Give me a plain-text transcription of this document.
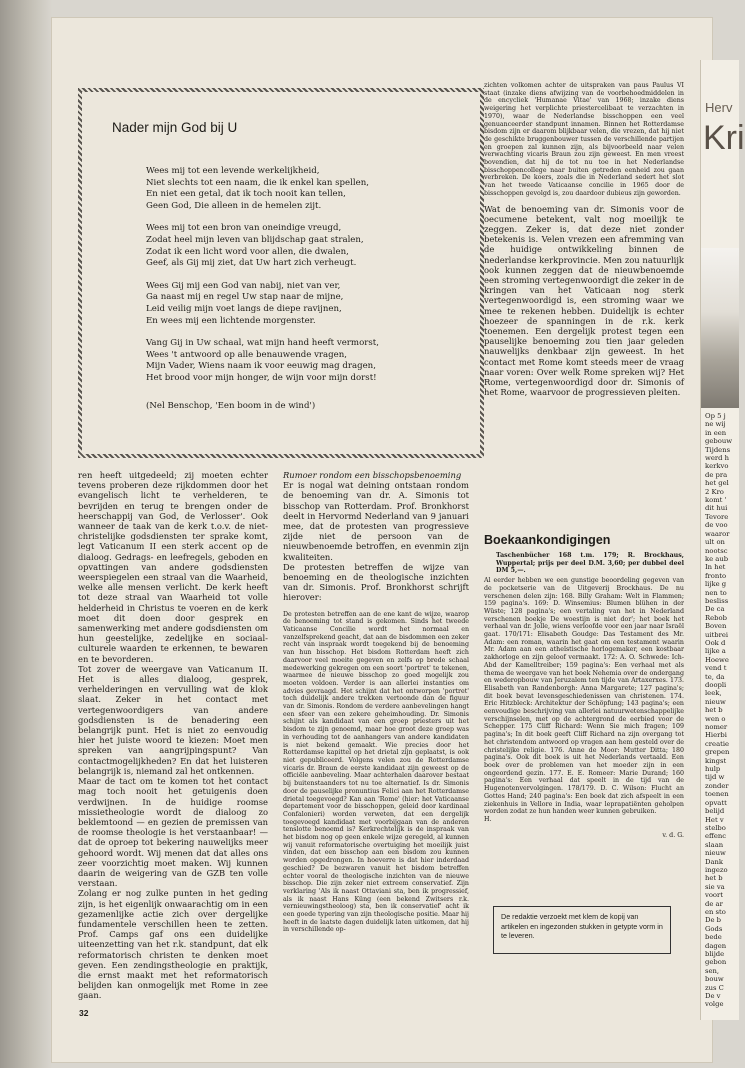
Nader mijn God bij U
Wees mij tot een levende werkelijkheid,
Niet slechts tot een naam, die ik enkel kan spellen,
En niet een getal, dat ik toch nooit kan tellen,
Geen God, Die alleen in de hemelen zijt.
Wees mij tot een bron van oneindige vreugd,
Zodat heel mijn leven van blijdschap gaat stralen,
Zodat ik een licht word voor allen, die dwalen,
Geef, als Gij mij ziet, dat Uw hart zich verheugt.
Wees Gij mij een God van nabij, niet van ver,
Ga naast mij en regel Uw stap naar de mijne,
Leid veilig mijn voet langs de diepe ravijnen,
En wees mij een lichtende morgenster.
Vang Gij in Uw schaal, wat mijn hand heeft vermorst,
Wees 't antwoord op alle benauwende vragen,
Mijn Vader, Wiens naam ik voor eeuwig mag dragen,
Het brood voor mijn honger, de wijn voor mijn dorst!
(Nel Benschop, 'Een boom in de wind')

ren heeft uitgedeeld; zij moeten echter tevens proberen deze rijkdommen door het evangelisch licht te verhelderen, te bevrijden en terug te brengen onder de heerschappij van God, de Verlosser'. Ook wanneer de taak van de kerk t.o.v. de niet-christelijke godsdiensten ter sprake komt, legt Vaticanum II een sterk accent op de dialoog. Gedrags- en leefregels, geboden en opvattingen van andere godsdiensten weerspiegelen een straal van die Waarheid, welke alle mensen verlicht. De kerk heeft tot deze straal van Waarheid tot volle helderheid in Christus te voeren en de kerk moet dit doen door gesprek en samenwerking met andere godsdiensten om hun geestelijke, zedelijke en sociaal-culturele waarden te erkennen, te bewaren en te bevorderen.

Tot zover de weergave van Vaticanum II. Het is alles dialoog, gesprek, verhelderingen en vervulling wat de klok slaat. Zeker in het contact met vertegenwoordigers van andere godsdiensten is de benadering een belangrijk punt. Het is niet zo eenvoudig hier het juiste woord te kiezen: Moet men spreken van aangrijpingspunt? Van contactmogelijkheden? En dat het luisteren belangrijk is, niemand zal het ontkennen.

Maar de tact om te komen tot het contact mag toch nooit het getuigenis doen verdwijnen. In de huidige roomse missietheologie wordt de dialoog zo beklemtoond — en gezien de premissen van de roomse theologie is het verstaanbaar! — dat de oproep tot bekering nauwelijks meer gehoord wordt. Wij menen dat dat alles ons zeer voorzichtig moet maken. Wij kunnen daarin de weigering van de GZB ten volle verstaan.

Zolang er nog zulke punten in het geding zijn, is het eigenlijk onwaarachtig om in een gezamenlijke actie zich over dergelijke fundamentele verschillen heen te zetten. Prof. Camps gaf ons een duidelijke uiteenzetting van het r.k. standpunt, dat elk reformatorisch christen te denken moet geven. Een zendingstheologie en praktijk, die ernst maakt met het reformatorisch belijden kan onmogelijk met Rome in zee gaan.

Rumoer rondom een bisschopsbenoeming

Er is nogal wat deining ontstaan rondom de benoeming van dr. A. Simonis tot bisschop van Rotterdam. Prof. Bronkhorst deelt in Hervormd Nederland van 9 januari mee, dat de protesten van progressieve zijde niet de persoon van de nieuwbenoemde betroffen, en evenmin zijn kwaliteiten.

De protesten betreffen de wijze van benoeming en de theologische inzichten van dr. Simonis. Prof. Bronkhorst schrijft hierover:

De protesten betreffen aan de ene kant de wijze, waarop de benoeming tot stand is gekomen. Sinds het tweede Vaticaanse Concilie wordt het normaal en vanzelfsprekend geacht, dat aan de bisdommen een zeker recht van inspraak wordt toegekend bij de benoeming van hun bisschop. Het bisdom Rotterdam heeft zich daarvoor veel moeite gegeven en zelfs op brede schaal medewerking gekregen om een soort 'portret' te tekenen, waarmee de nieuwe bisschop zo goed mogelijk zou moeten voldoen. Verder is aan allerlei instanties om advies gevraagd. Het schijnt dat het ontworpen 'portret' toch duidelijk andere trekken vertoonde dan de figuur van dr. Simonis. Rondom de verdere aanbevelingen hangt een sfeer van een zekere geheimhouding. Dr. Simonis schijnt als kandidaat van een groep priesters uit het bisdom te zijn genoemd, maar hoe groot deze groep was in verhouding tot de aanhangers van andere kandidaten is niet bekend gemaakt. Wie precies door het Rotterdamse kapittel op het drietal zijn geplaatst, is ook niet gepubliceerd. Volgens velen zou de Rotterdamse vicaris dr. Braun de eerste kandidaat zijn geweest op de officiële aanbeveling. Maar achterhalen daarover bestaat bij buitenstaanders tot nu toe alternatief. Is dr. Simonis door de pauselijke pronuntius Felici aan het Rotterdamse drietal toegevoegd? Kan aan 'Rome' (hier: het Vaticaanse departement voor de bisschoppen, geleid door kardinaal Confalonieri) worden verweten, dat een dergelijk toegevoegd kandidaat met voorbijgaan van de anderen tenslotte benoemd is? Kerkrechtelijk is de inspraak van het bisdom nog op geen enkele wijze geregeld, al kunnen wij vanuit reformatorische overtuiging het moeilijk juist vinden, dat een bisschop aan een bisdom zou kunnen worden opgedrongen. In hoeverre is dat hier inderdaad geschied? De bezwaren vanuit het bisdom betreffen echter vooral de theologische inzichten van de nieuwe bisschop. Die zijn zeker niet extreem conservatief. Zijn verklaring 'Als ik naast Ottaviani sta, ben ik progressief, als ik naast Hans Küng (een bekend Zwitsers r.k. vernieuwingstheoloog) sta, ben ik conservatief' acht ik een goede typering van zijn theologische positie. Maar hij heeft in de laatste dagen duidelijk laten uitkomen, dat hij in verschillende op-

zichten volkomen achter de uitspraken van paus Paulus VI staat (inzake diens afwijzing van de voorbehoedmiddelen in de encycliek 'Humanae Vitae' van 1968; inzake diens weigering het verplichte priestercelibaat te verzachten in 1970), waar de Nederlandse bisschoppen een veel genuanceerder standpunt innamen. Binnen het Rotterdamse bisdom zijn er daarom blijkbaar velen, die vrezen, dat hij niet de geschikte bruggenbouwer tussen de verschillende partijen en groepen zal kunnen zijn, als bijvoorbeeld naar velen verwachting vicaris Braun zou zijn geweest. En men vreest bovendien, dat hij de tot nu toe in het Nederlandse bisschoppencollege naar buiten getreden eenheid zou gaan verbreken. De koers, zoals die in Nederland sedert het slot van het tweede Vaticaanse concilie in 1965 door de bisschoppen gevolgd is, zou daardoor dubieus zijn geworden.

Wat de benoeming van dr. Simonis voor de oecumene betekent, valt nog moeilijk te zeggen. Zeker is, dat deze niet zonder betekenis is. Velen vrezen een afremming van de huidige ontwikkeling binnen de nederlandse kerkprovincie. Men zou natuurlijk ook kunnen zeggen dat de nieuwbenoemde een stroming vertegenwoordigt die zeker in de kringen van het Vaticaan nog sterk vertegenwoordigd is, een stroming waar we mee te rekenen hebben. Duidelijk is echter hoezeer de spanningen in de r.k. kerk toenemen. Een dergelijk protest tegen een pauselijke benoeming zou tien jaar geleden nauwelijks denkbaar zijn geweest. In het contact met Rome komt steeds meer de vraag naar voren: Over welk Rome spreken wij? Het Rome, vertegenwoordigd door dr. Simonis of het Rome, waarvoor de progressieven pleiten.

Boekaankondigingen

Taschenbücher 168 t.m. 179; R. Brockhaus, Wuppertal; prijs per deel D.M. 3,60; per dubbel deel DM 5,—.

Al eerder hebben we een gunstige beoordeling gegeven van de pocketserie van de Uitgeverij Brockhaus. De nu verschenen delen zijn: 168. Billy Graham: Welt in Flammen; 159 pagina's. 169: D. Winsemius: Blumen blühen in der Wüste; 128 pagina's; een vertaling van het in Nederland verschenen boekje De woestijn is niet dor'; het boek het verhaal van dr. Jolle, wiens verloofde voor een jaar naar Israël gaat. 170/171: Elisabeth Goudge: Das Testament des Mr. Adam: een roman, waarin het gaat om een testament waarin Mr. Adam aan een atheïstische horlogemaker, een kostbaar zakhorloge en zijn geloof vermaakt. 172: A. O. Schwede: Ich-Abd der Kamelltreiber; 159 pagina's: Een verhaal met als thema de weergave van het boek Nehemia over de ondergang en wederopbouw van Jeruzalem ten tijde van Artaxerxes. 173. Elisabeth van Randenborgh: Anna Margarete; 127 pagina's; dit boek bevat levensgeschiedenissen van christenen. 174. Eric Hitzbleck: Architektur der Schöpfung; 143 pagina's; een eenvoudige beschrijving van allerlei natuurwetenschappelijke verschijnselen, met op de achtergrond de eerbied voor de Schepper. 175 Cliff Richard: Wenn Sie mich fragen; 109 pagina's; In dit boek geeft Cliff Richard na zijn overgang tot het christendom antwoord op vragen aan hem gesteld over de christelijke religie. 176. Anne de Moor: Mutter Ditta; 180 pagina's. Ook dit boek is uit het Nederlands vertaald. Een boek over de problemen van het moeder zijn in een ongeordend gezin. 177. E. E. Romeer: Marie Durand; 160 pagina's: Een verhaal dat speelt in de tijd van de Hugenotenvervolgingen. 178/179. D. C. Wilson: Flucht an Gottes Hand; 240 pagina's: Een boek dat zich afspeelt in een ziekenhuis in Vellore in India, waar leprapatiënten geholpen worden zodat ze hun handen weer kunnen gebruiken.

H.
v. d. G.
De redaktie verzoekt met klem de kopij van artikelen en ingezonden stukken in getypte vorm in te leveren.
32
Herv
Kri
Op 5 j
ne wij
in een
gebouw
Tijdens
werd h
kerkvo
de pra
het gel
2 Kro
komt '
dit hui
Tevore
de voo
waaror
ult on
nootsc
ke aub
In het
fronto
lijke g
nen to
besliss
De ca
Rebob
Boven
uitbrei
Ook d
lijke a
Hoewe
vend t
te, da
doopli
leek,
nieuw
het b
wen o
nomer
Hierbi
creatie
grepen
kingst
hulp
tijd w
zonder
toenen
opvatt
belijd
Het v
stelbo
effenc
slaan
nieuw
Dank
ingezo
het b
sie va
voort
de ar
en sto
De b
Gods
bede
dagen
blijde
gebon
sen,
bouw
zus C
De v
volge
